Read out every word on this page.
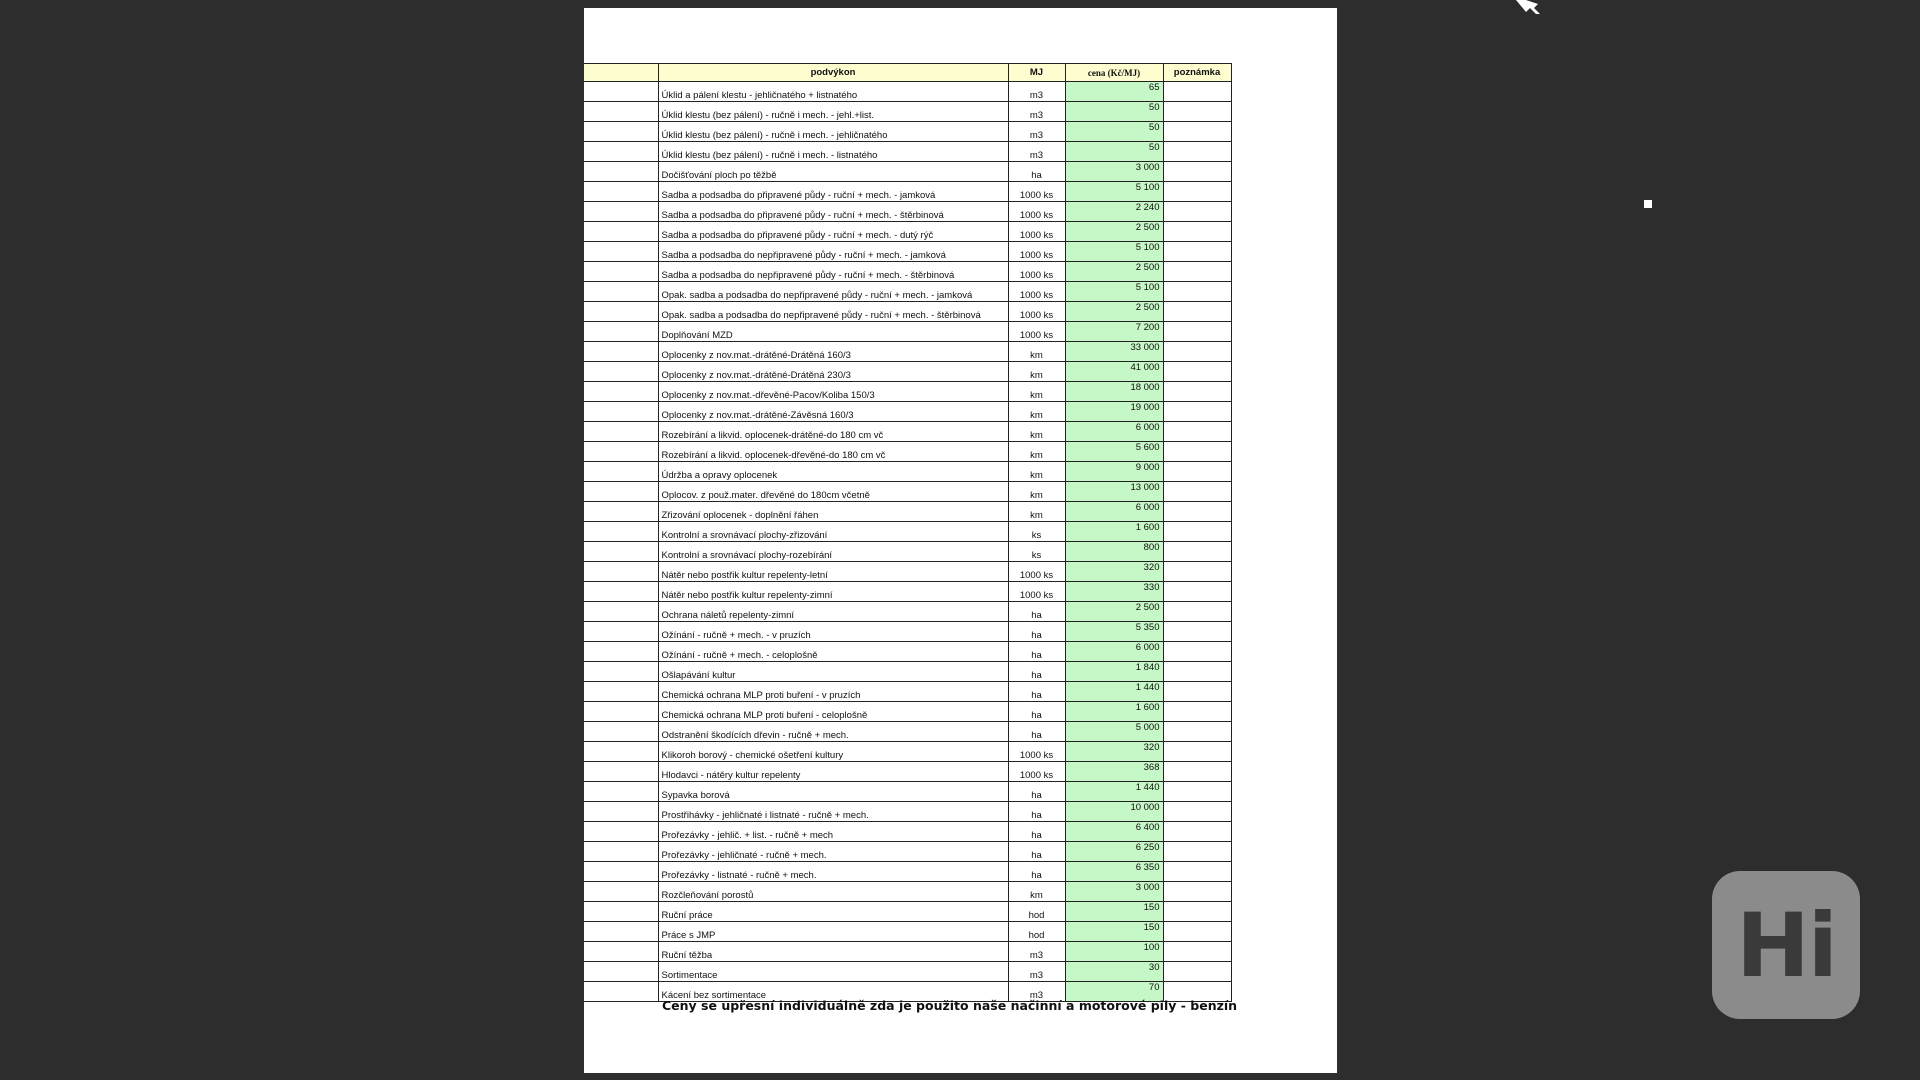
	podvýkon	MJ	cena (Kč/MJ)	poznámka
	Úklid a pálení klestu - jehličnatého + listnatého	m3	65	
	Úklid klestu (bez pálení) - ručně i mech. - jehl.+list.	m3	50	
	Úklid klestu (bez pálení) - ručně i mech. - jehličnatého	m3	50	
	Úklid klestu (bez pálení) - ručně i mech. - listnatého	m3	50	
	Dočišťování ploch po těžbě	ha	3 000	
	Sadba a podsadba do připravené půdy - ruční + mech. - jamková	1000 ks	5 100	
	Sadba a podsadba do připravené půdy - ruční + mech. - štěrbinová	1000 ks	2 240	
	Sadba a podsadba do připravené půdy - ruční + mech. - dutý rýč	1000 ks	2 500	
	Sadba a podsadba do nepřipravené půdy - ruční + mech. - jamková	1000 ks	5 100	
	Sadba a podsadba do nepřipravené půdy - ruční + mech. - štěrbinová	1000 ks	2 500	
	Opak. sadba a podsadba do nepřipravené půdy - ruční + mech. - jamková	1000 ks	5 100	
	Opak. sadba a podsadba do nepřipravené půdy - ruční + mech. - štěrbinová	1000 ks	2 500	
	Doplňování MZD	1000 ks	7 200	
	Oplocenky z nov.mat.-drátěné-Drátěná 160/3	km	33 000	
	Oplocenky z nov.mat.-drátěné-Drátěná 230/3	km	41 000	
	Oplocenky z nov.mat.-dřevěné-Pacov/Koliba 150/3	km	18 000	
	Oplocenky z nov.mat.-drátěné-Závěsná 160/3	km	19 000	
	Rozebírání a likvid. oplocenek-drátěné-do 180 cm vč	km	6 000	
	Rozebírání a likvid. oplocenek-dřevěné-do 180 cm vč	km	5 600	
	Údržba a opravy oplocenek	km	9 000	
	Oplocov. z použ.mater. dřevěné do 180cm včetně	km	13 000	
	Zřizování oplocenek - doplnění řáhen	km	6 000	
	Kontrolní a srovnávací plochy-zřizování	ks	1 600	
	Kontrolní a srovnávací plochy-rozebírání	ks	800	
	Nátěr nebo postřik kultur repelenty-letní	1000 ks	320	
	Nátěr nebo postřik kultur repelenty-zimní	1000 ks	330	
	Ochrana náletů repelenty-zimní	ha	2 500	
	Ožínání - ručně + mech. - v pruzích	ha	5 350	
	Ožínání - ručně + mech. - celoplošně	ha	6 000	
	Ošlapávání kultur	ha	1 840	
	Chemická ochrana MLP proti buření - v pruzích	ha	1 440	
	Chemická ochrana MLP proti buření - celoplošně	ha	1 600	
	Odstranění škodících dřevin - ručně + mech.	ha	5 000	
	Klikoroh borový - chemické ošetření kultury	1000 ks	320	
	Hlodavci - nátěry kultur repelenty	1000 ks	368	
	Sypavka borová	ha	1 440	
	Prostřihávky - jehličnaté i listnaté - ručně + mech.	ha	10 000	
	Prořezávky - jehlič. + list. - ručně + mech	ha	6 400	
	Prořezávky - jehličnaté - ručně + mech.	ha	6 250	
	Prořezávky - listnaté - ručně + mech.	ha	6 350	
	Rozčleňování porostů	km	3 000	
	Ruční práce	hod	150	
	Práce s JMP	hod	150	
	Ruční těžba	m3	100	
	Sortimentace	m3	30	
	Kácení bez sortimentace	m3	70	
Ceny se upřesní individuálně zda je použito naše načinní a motorové pily - benzín
Hi
